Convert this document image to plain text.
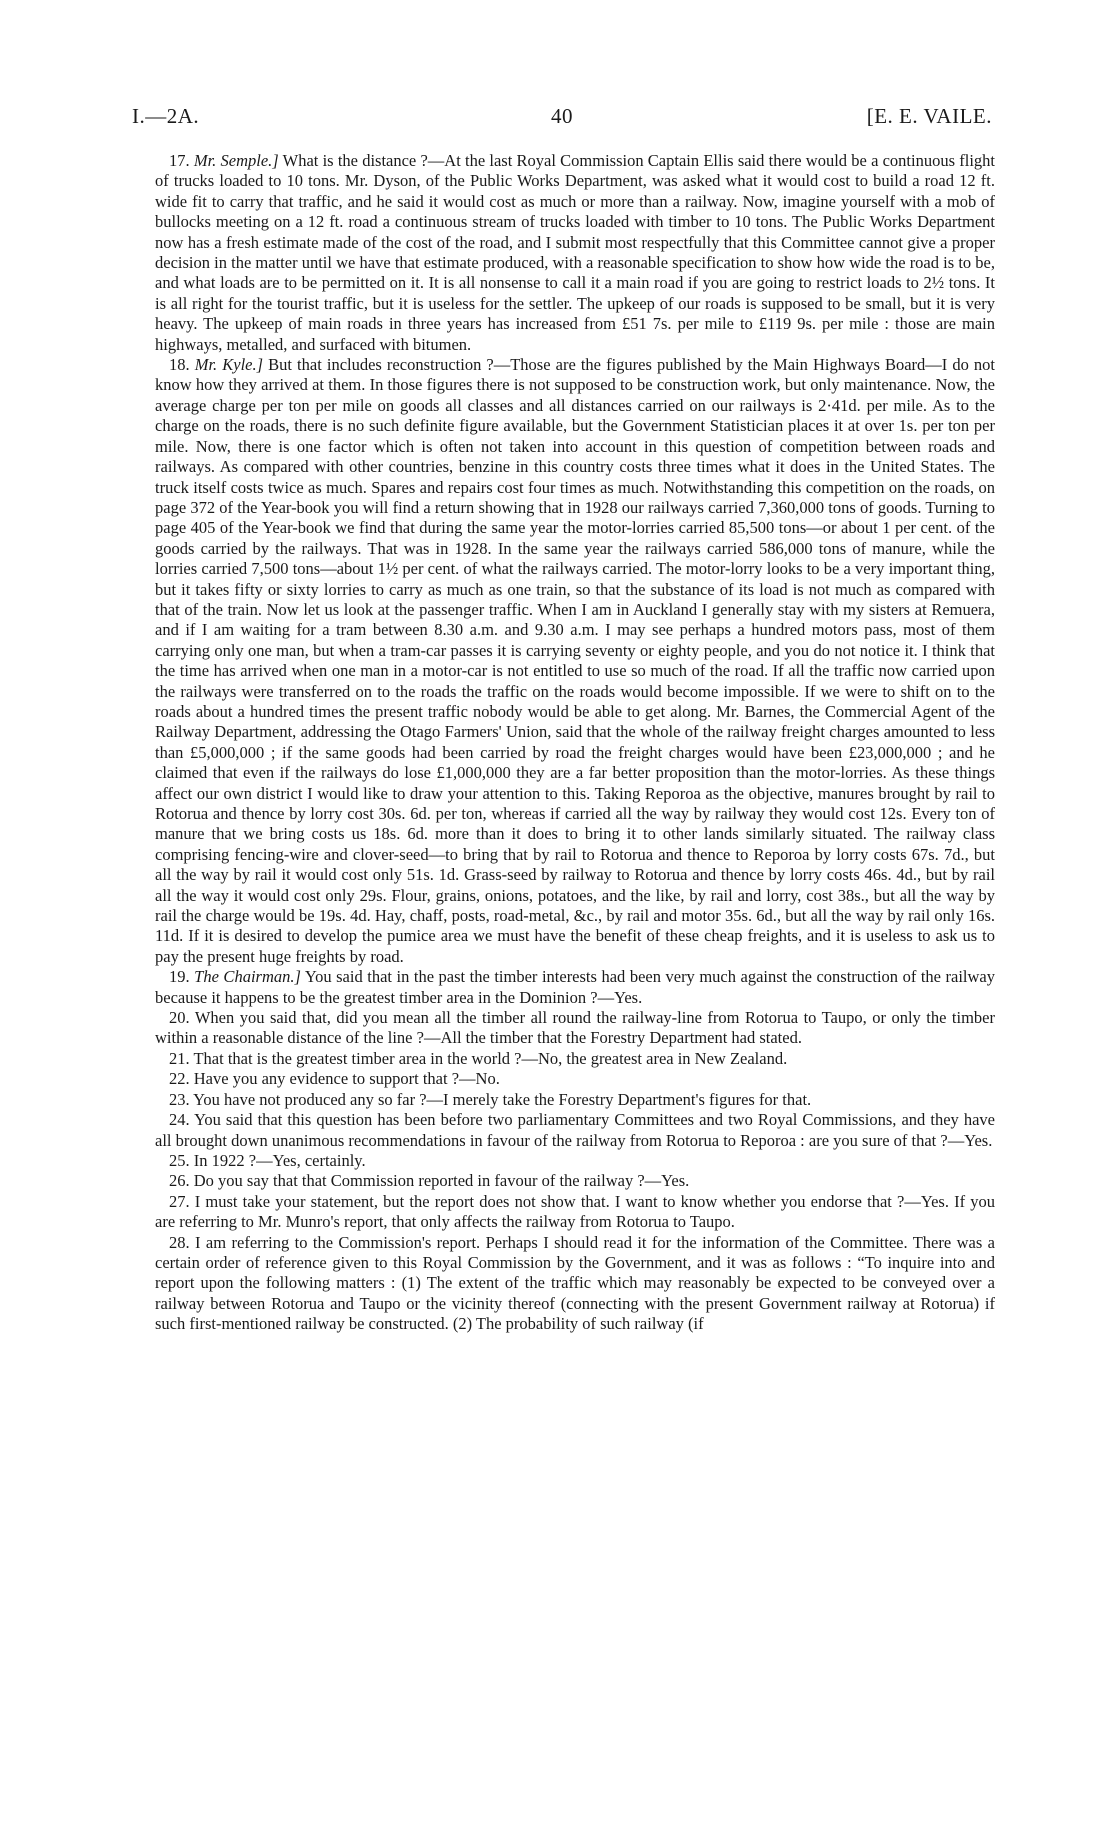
I.—2A.	40	[E. E. VAILE.

17. Mr. Semple.] What is the distance ?—At the last Royal Commission Captain Ellis said there would be a continuous flight of trucks loaded to 10 tons. Mr. Dyson, of the Public Works Department, was asked what it would cost to build a road 12 ft. wide fit to carry that traffic, and he said it would cost as much or more than a railway. Now, imagine yourself with a mob of bullocks meeting on a 12 ft. road a continuous stream of trucks loaded with timber to 10 tons. The Public Works Department now has a fresh estimate made of the cost of the road, and I submit most respectfully that this Committee cannot give a proper decision in the matter until we have that estimate produced, with a reasonable specification to show how wide the road is to be, and what loads are to be permitted on it. It is all nonsense to call it a main road if you are going to restrict loads to 2½ tons. It is all right for the tourist traffic, but it is useless for the settler. The upkeep of our roads is supposed to be small, but it is very heavy. The upkeep of main roads in three years has increased from £51 7s. per mile to £119 9s. per mile : those are main highways, metalled, and surfaced with bitumen.

18. Mr. Kyle.] But that includes reconstruction ?—Those are the figures published by the Main Highways Board—I do not know how they arrived at them. In those figures there is not supposed to be construction work, but only maintenance. Now, the average charge per ton per mile on goods all classes and all distances carried on our railways is 2·41d. per mile. As to the charge on the roads, there is no such definite figure available, but the Government Statistician places it at over 1s. per ton per mile. Now, there is one factor which is often not taken into account in this question of competition between roads and railways. As compared with other countries, benzine in this country costs three times what it does in the United States. The truck itself costs twice as much. Spares and repairs cost four times as much. Notwithstanding this competition on the roads, on page 372 of the Year-book you will find a return showing that in 1928 our railways carried 7,360,000 tons of goods. Turning to page 405 of the Year-book we find that during the same year the motor-lorries carried 85,500 tons—or about 1 per cent. of the goods carried by the railways. That was in 1928. In the same year the railways carried 586,000 tons of manure, while the lorries carried 7,500 tons—about 1½ per cent. of what the railways carried. The motor-lorry looks to be a very important thing, but it takes fifty or sixty lorries to carry as much as one train, so that the substance of its load is not much as compared with that of the train. Now let us look at the passenger traffic. When I am in Auckland I generally stay with my sisters at Remuera, and if I am waiting for a tram between 8.30 a.m. and 9.30 a.m. I may see perhaps a hundred motors pass, most of them carrying only one man, but when a tram-car passes it is carrying seventy or eighty people, and you do not notice it. I think that the time has arrived when one man in a motor-car is not entitled to use so much of the road. If all the traffic now carried upon the railways were transferred on to the roads the traffic on the roads would become impossible. If we were to shift on to the roads about a hundred times the present traffic nobody would be able to get along. Mr. Barnes, the Commercial Agent of the Railway Department, addressing the Otago Farmers' Union, said that the whole of the railway freight charges amounted to less than £5,000,000 ; if the same goods had been carried by road the freight charges would have been £23,000,000 ; and he claimed that even if the railways do lose £1,000,000 they are a far better proposition than the motor-lorries. As these things affect our own district I would like to draw your attention to this. Taking Reporoa as the objective, manures brought by rail to Rotorua and thence by lorry cost 30s. 6d. per ton, whereas if carried all the way by railway they would cost 12s. Every ton of manure that we bring costs us 18s. 6d. more than it does to bring it to other lands similarly situated. The railway class comprising fencing-wire and clover-seed—to bring that by rail to Rotorua and thence to Reporoa by lorry costs 67s. 7d., but all the way by rail it would cost only 51s. 1d. Grass-seed by railway to Rotorua and thence by lorry costs 46s. 4d., but by rail all the way it would cost only 29s. Flour, grains, onions, potatoes, and the like, by rail and lorry, cost 38s., but all the way by rail the charge would be 19s. 4d. Hay, chaff, posts, road-metal, &c., by rail and motor 35s. 6d., but all the way by rail only 16s. 11d. If it is desired to develop the pumice area we must have the benefit of these cheap freights, and it is useless to ask us to pay the present huge freights by road.

19. The Chairman.] You said that in the past the timber interests had been very much against the construction of the railway because it happens to be the greatest timber area in the Dominion ?—Yes.

20. When you said that, did you mean all the timber all round the railway-line from Rotorua to Taupo, or only the timber within a reasonable distance of the line ?—All the timber that the Forestry Department had stated.

21. That that is the greatest timber area in the world ?—No, the greatest area in New Zealand.

22. Have you any evidence to support that ?—No.

23. You have not produced any so far ?—I merely take the Forestry Department's figures for that.

24. You said that this question has been before two parliamentary Committees and two Royal Commissions, and they have all brought down unanimous recommendations in favour of the railway from Rotorua to Reporoa : are you sure of that ?—Yes.

25. In 1922 ?—Yes, certainly.

26. Do you say that that Commission reported in favour of the railway ?—Yes.

27. I must take your statement, but the report does not show that. I want to know whether you endorse that ?—Yes. If you are referring to Mr. Munro's report, that only affects the railway from Rotorua to Taupo.

28. I am referring to the Commission's report. Perhaps I should read it for the information of the Committee. There was a certain order of reference given to this Royal Commission by the Government, and it was as follows : “To inquire into and report upon the following matters : (1) The extent of the traffic which may reasonably be expected to be conveyed over a railway between Rotorua and Taupo or the vicinity thereof (connecting with the present Government railway at Rotorua) if such first-mentioned railway be constructed. (2) The probability of such railway (if
